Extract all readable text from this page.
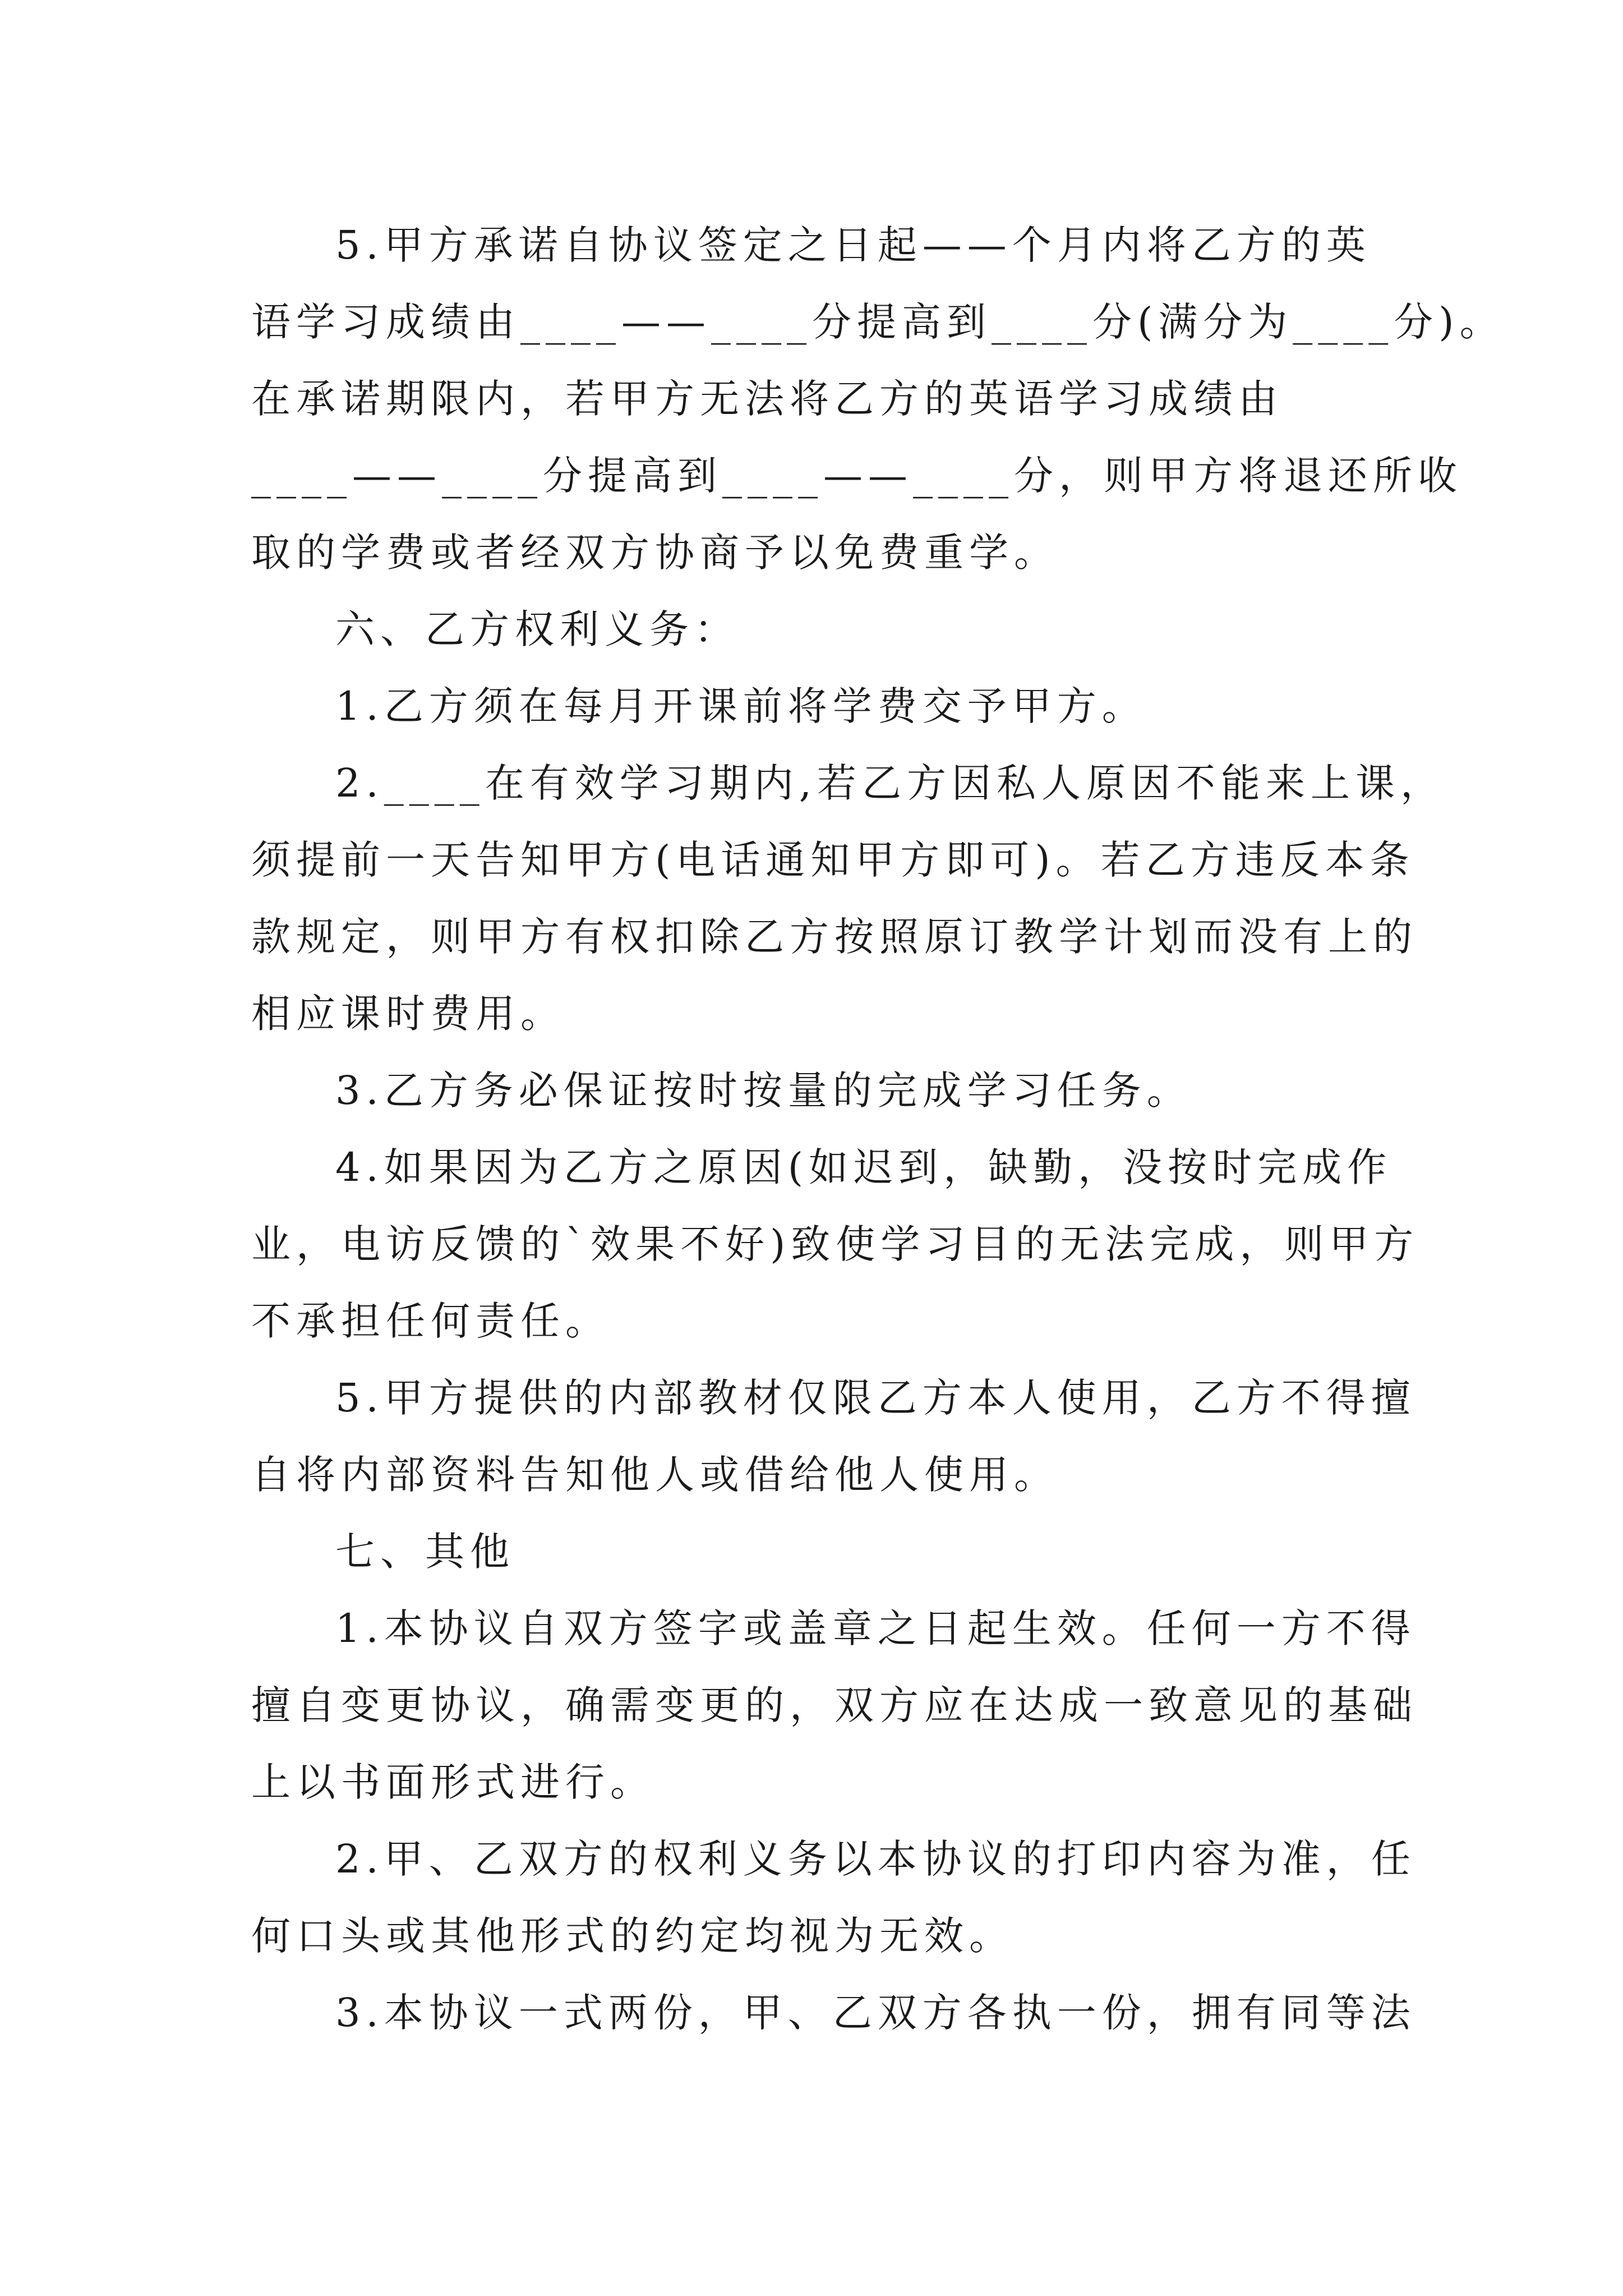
5.甲方承诺自协议签定之日起——个月内将乙方的英
语学习成绩由____——____分提高到____分(满分为____分)。
在承诺期限内，若甲方无法将乙方的英语学习成绩由
____——____分提高到____——____分，则甲方将退还所收
取的学费或者经双方协商予以免费重学。
六、乙方权利义务：
1.乙方须在每月开课前将学费交予甲方。
2.____在有效学习期内,若乙方因私人原因不能来上课，
须提前一天告知甲方(电话通知甲方即可)。若乙方违反本条
款规定，则甲方有权扣除乙方按照原订教学计划而没有上的
相应课时费用。
3.乙方务必保证按时按量的完成学习任务。
4.如果因为乙方之原因(如迟到，缺勤，没按时完成作
业，电访反馈的`效果不好)致使学习目的无法完成，则甲方
不承担任何责任。
5.甲方提供的内部教材仅限乙方本人使用，乙方不得擅
自将内部资料告知他人或借给他人使用。
七、其他
1.本协议自双方签字或盖章之日起生效。任何一方不得
擅自变更协议，确需变更的，双方应在达成一致意见的基础
上以书面形式进行。
2.甲、乙双方的权利义务以本协议的打印内容为准，任
何口头或其他形式的约定均视为无效。
3.本协议一式两份，甲、乙双方各执一份，拥有同等法
